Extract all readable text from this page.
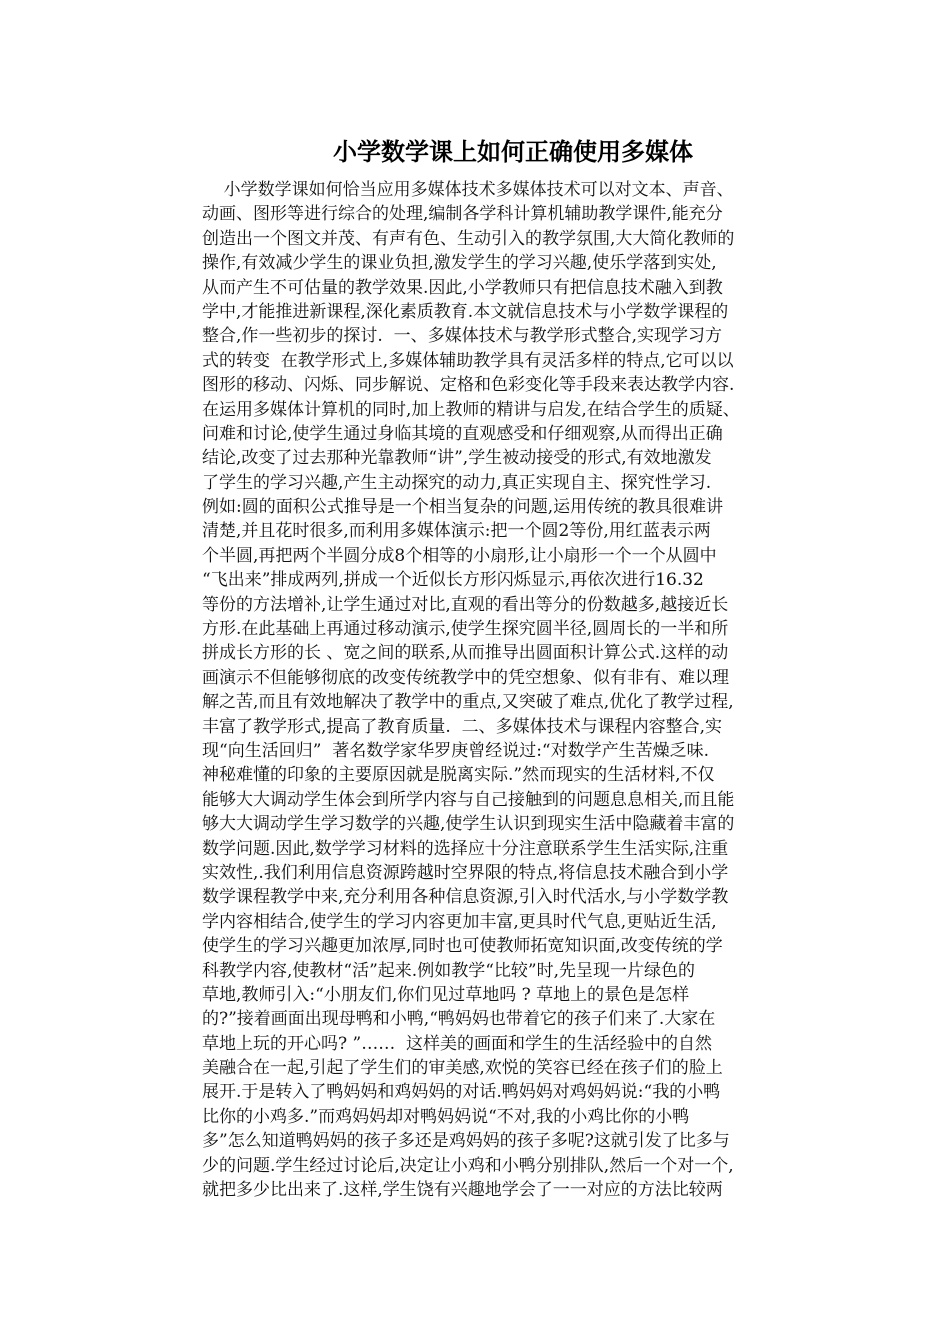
小学数学课上如何正确使用多媒体
小学数学课如何恰当应用多媒体技术多媒体技术可以对文本、声音、
动画、图形等进行综合的处理,编制各学科计算机辅助教学课件,能充分
创造出一个图文并茂、有声有色、生动引入的教学氛围,大大简化教师的
操作,有效减少学生的课业负担,激发学生的学习兴趣,使乐学落到实处,
从而产生不可估量的教学效果.因此,小学教师只有把信息技术融入到教
学中,才能推进新课程,深化素质教育.本文就信息技术与小学数学课程的
整合,作一些初步的探讨.  一、多媒体技术与教学形式整合,实现学习方
式的转变  在教学形式上,多媒体辅助教学具有灵活多样的特点,它可以以
图形的移动、闪烁、同步解说、定格和色彩变化等手段来表达教学内容.
在运用多媒体计算机的同时,加上教师的精讲与启发,在结合学生的质疑、
问难和讨论,使学生通过身临其境的直观感受和仔细观察,从而得出正确
结论,改变了过去那种光靠教师“讲”,学生被动接受的形式,有效地激发
了学生的学习兴趣,产生主动探究的动力,真正实现自主、探究性学习.
例如:圆的面积公式推导是一个相当复杂的问题,运用传统的教具很难讲
清楚,并且花时很多,而利用多媒体演示:把一个圆2等份,用红蓝表示两
个半圆,再把两个半圆分成8个相等的小扇形,让小扇形一个一个从圆中
“飞出来”排成两列,拼成一个近似长方形闪烁显示,再依次进行16.32
等份的方法增补,让学生通过对比,直观的看出等分的份数越多,越接近长
方形.在此基础上再通过移动演示,使学生探究圆半径,圆周长的一半和所
拼成长方形的长 、宽之间的联系,从而推导出圆面积计算公式.这样的动
画演示不但能够彻底的改变传统教学中的凭空想象、似有非有、难以理
解之苦,而且有效地解决了教学中的重点,又突破了难点,优化了教学过程,
丰富了教学形式,提高了教育质量.  二、多媒体技术与课程内容整合,实
现“向生活回归”  著名数学家华罗庚曾经说过:“对数学产生苦燥乏味.
神秘难懂的印象的主要原因就是脱离实际.”然而现实的生活材料,不仅
能够大大调动学生体会到所学内容与自己接触到的问题息息相关,而且能
够大大调动学生学习数学的兴趣,使学生认识到现实生活中隐藏着丰富的
数学问题.因此,数学学习材料的选择应十分注意联系学生生活实际,注重
实效性,.我们利用信息资源跨越时空界限的特点,将信息技术融合到小学
数学课程教学中来,充分利用各种信息资源,引入时代活水,与小学数学教
学内容相结合,使学生的学习内容更加丰富,更具时代气息,更贴近生活,
使学生的学习兴趣更加浓厚,同时也可使教师拓宽知识面,改变传统的学
科教学内容,使教材“活”起来.例如教学“比较”时,先呈现一片绿色的
草地,教师引入:“小朋友们,你们见过草地吗 ? 草地上的景色是怎样
的?”接着画面出现母鸭和小鸭,“鸭妈妈也带着它的孩子们来了.大家在
草地上玩的开心吗? ”……  这样美的画面和学生的生活经验中的自然
美融合在一起,引起了学生们的审美感,欢悦的笑容已经在孩子们的脸上
展开.于是转入了鸭妈妈和鸡妈妈的对话.鸭妈妈对鸡妈妈说:“我的小鸭
比你的小鸡多.”而鸡妈妈却对鸭妈妈说“不对,我的小鸡比你的小鸭
多”怎么知道鸭妈妈的孩子多还是鸡妈妈的孩子多呢?这就引发了比多与
少的问题.学生经过讨论后,决定让小鸡和小鸭分别排队,然后一个对一个,
就把多少比出来了.这样,学生饶有兴趣地学会了一一对应的方法比较两
